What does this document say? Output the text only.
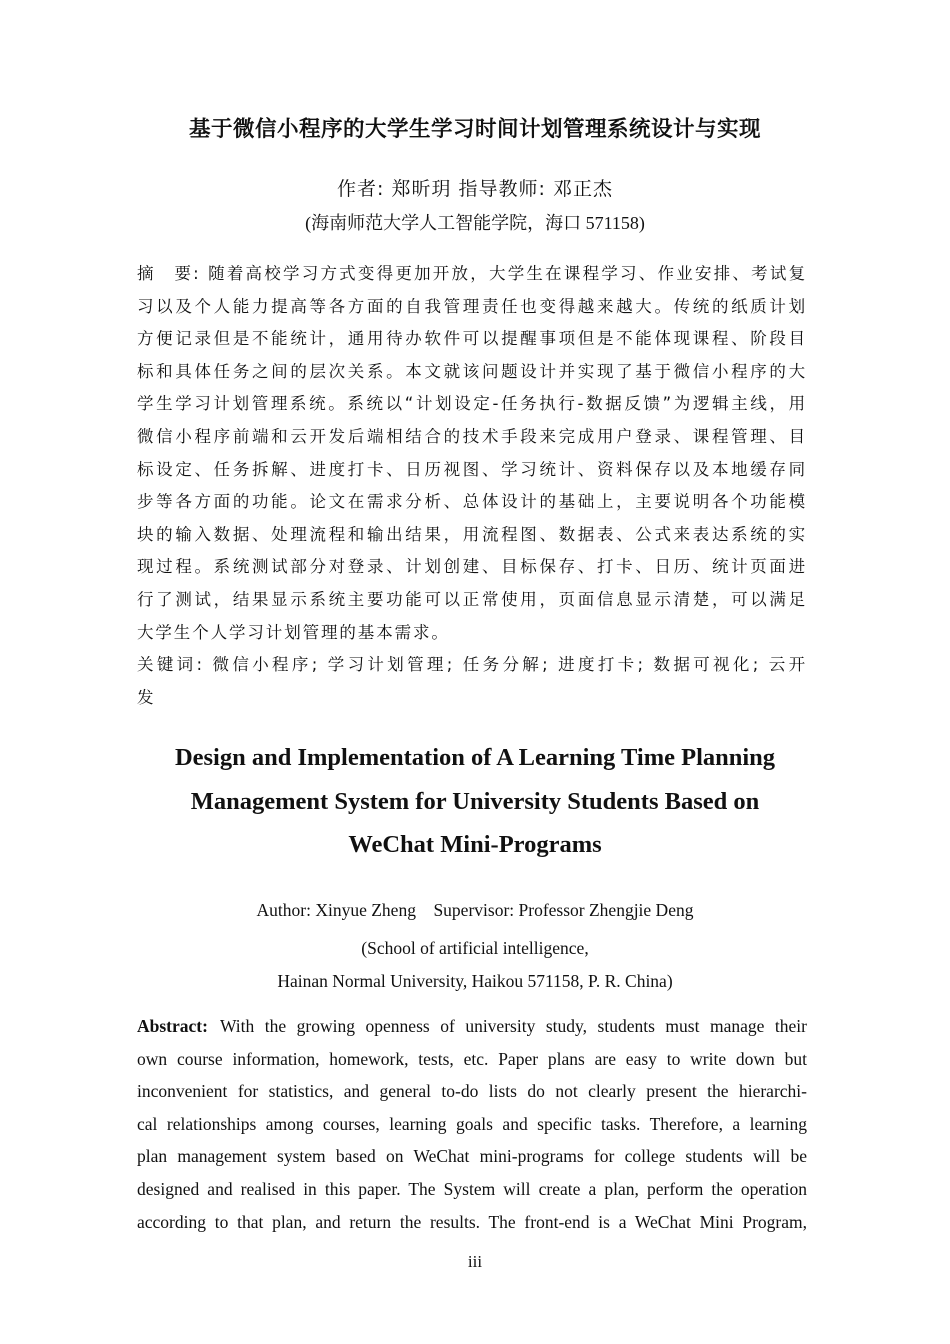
基于微信小程序的大学生学习时间计划管理系统设计与实现
作者: 郑昕玥 指导教师: 邓正杰
(海南师范大学人工智能学院，海口 571158)
摘　要: 随着高校学习方式变得更加开放，大学生在课程学习、作业安排、考试复
习以及个人能力提高等各方面的自我管理责任也变得越来越大。传统的纸质计划
方便记录但是不能统计，通用待办软件可以提醒事项但是不能体现课程、阶段目
标和具体任务之间的层次关系。本文就该问题设计并实现了基于微信小程序的大
学生学习计划管理系统。系统以“计划设定-任务执行-数据反馈”为逻辑主线，用
微信小程序前端和云开发后端相结合的技术手段来完成用户登录、课程管理、目
标设定、任务拆解、进度打卡、日历视图、学习统计、资料保存以及本地缓存同
步等各方面的功能。论文在需求分析、总体设计的基础上，主要说明各个功能模
块的输入数据、处理流程和输出结果，用流程图、数据表、公式来表达系统的实
现过程。系统测试部分对登录、计划创建、目标保存、打卡、日历、统计页面进
行了测试，结果显示系统主要功能可以正常使用，页面信息显示清楚，可以满足
大学生个人学习计划管理的基本需求。
关键词: 微信小程序; 学习计划管理; 任务分解; 进度打卡; 数据可视化; 云开
发
Design and Implementation of A Learning Time Planning
Management System for University Students Based on
WeChat Mini-Programs
Author: Xinyue Zheng    Supervisor: Professor Zhengjie Deng
(School of artificial intelligence,
Hainan Normal University, Haikou 571158, P. R. China)
Abstract: With the growing openness of university study, students must manage their
own course information, homework, tests, etc. Paper plans are easy to write down but
inconvenient for statistics, and general to-do lists do not clearly present the hierarchi-
cal relationships among courses, learning goals and specific tasks. Therefore, a learning
plan management system based on WeChat mini-programs for college students will be
designed and realised in this paper. The System will create a plan, perform the operation
according to that plan, and return the results. The front-end is a WeChat Mini Program,
iii
